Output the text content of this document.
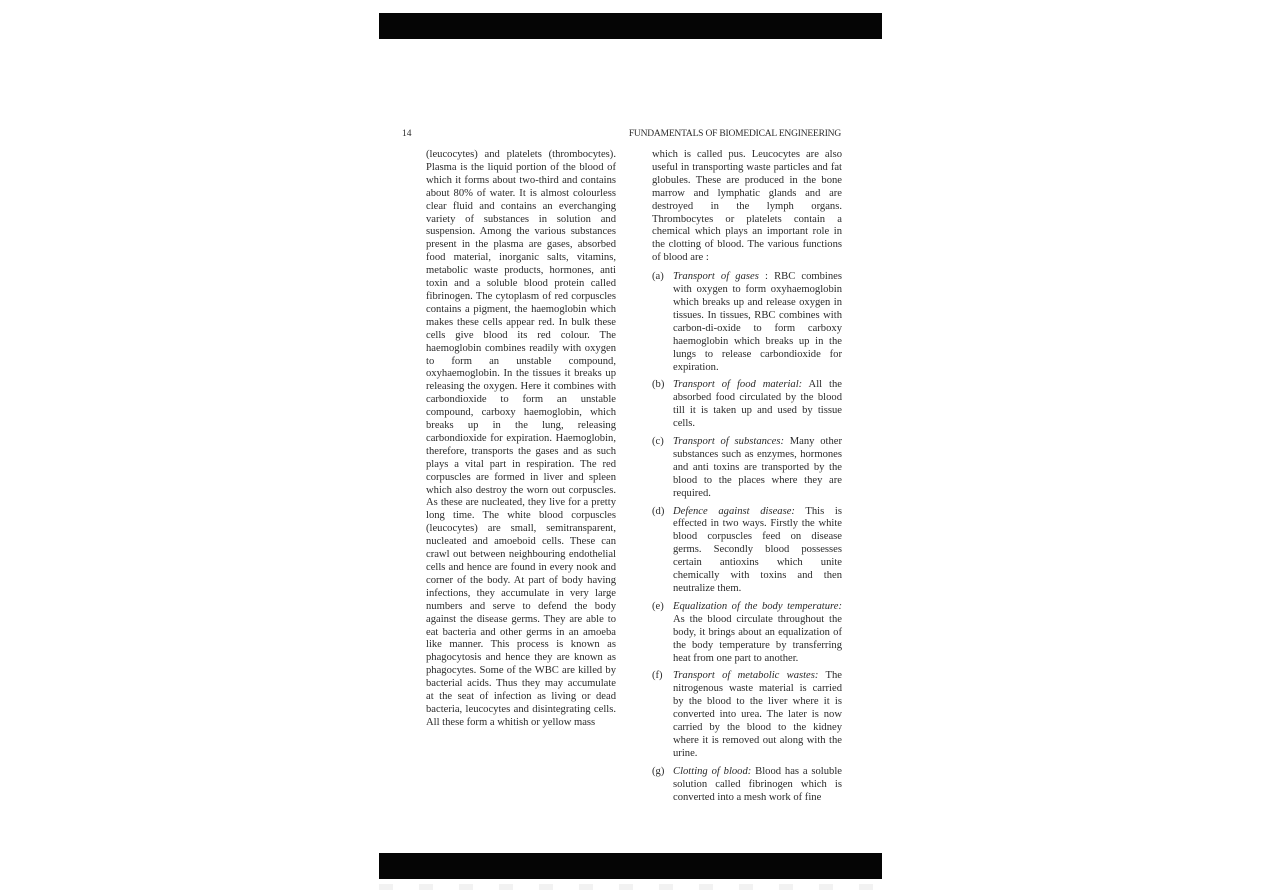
14	FUNDAMENTALS OF BIOMEDICAL ENGINEERING

(leucocytes) and platelets (thrombocytes). Plasma is the liquid portion of the blood of which it forms about two-third and contains about 80% of water. It is almost colourless clear fluid and contains an everchanging variety of substances in solution and suspension. Among the various substances present in the plasma are gases, absorbed food material, inorganic salts, vitamins, metabolic waste products, hormones, anti toxin and a soluble blood protein called fibrinogen. The cytoplasm of red corpuscles contains a pigment, the haemoglobin which makes these cells appear red. In bulk these cells give blood its red colour. The haemoglobin combines readily with oxygen to form an unstable compound, oxyhaemoglobin. In the tissues it breaks up releasing the oxygen. Here it combines with carbondioxide to form an unstable compound, carboxy haemoglobin, which breaks up in the lung, releasing carbondioxide for expiration. Haemoglobin, therefore, transports the gases and as such plays a vital part in respiration. The red corpuscles are formed in liver and spleen which also destroy the worn out corpuscles. As these are nucleated, they live for a pretty long time. The white blood corpuscles (leucocytes) are small, semitransparent, nucleated and amoeboid cells. These can crawl out between neighbouring endothelial cells and hence are found in every nook and corner of the body. At part of body having infections, they accumulate in very large numbers and serve to defend the body against the disease germs. They are able to eat bacteria and other germs in an amoeba like manner. This process is known as phagocytosis and hence they are known as phagocytes. Some of the WBC are killed by bacterial acids. Thus they may accumulate at the seat of infection as living or dead bacteria, leucocytes and disintegrating cells. All these form a whitish or yellow mass

which is called pus. Leucocytes are also useful in transporting waste particles and fat globules. These are produced in the bone marrow and lymphatic glands and are destroyed in the lymph organs. Thrombocytes or platelets contain a chemical which plays an important role in the clotting of blood. The various functions of blood are :

(a) Transport of gases : RBC combines with oxygen to form oxyhaemoglobin which breaks up and release oxygen in tissues. In tissues, RBC combines with carbon-di-oxide to form carboxy haemoglobin which breaks up in the lungs to release carbondioxide for expiration.
(b) Transport of food material: All the absorbed food circulated by the blood till it is taken up and used by tissue cells.
(c) Transport of substances: Many other substances such as enzymes, hormones and anti toxins are transported by the blood to the places where they are required.
(d) Defence against disease: This is effected in two ways. Firstly the white blood corpuscles feed on disease germs. Secondly blood possesses certain antioxins which unite chemically with toxins and then neutralize them.
(e) Equalization of the body temperature: As the blood circulate throughout the body, it brings about an equalization of the body temperature by transferring heat from one part to another.
(f) Transport of metabolic wastes: The nitrogenous waste material is carried by the blood to the liver where it is converted into urea. The later is now carried by the blood to the kidney where it is removed out along with the urine.
(g) Clotting of blood: Blood has a soluble solution called fibrinogen which is converted into a mesh work of fine
